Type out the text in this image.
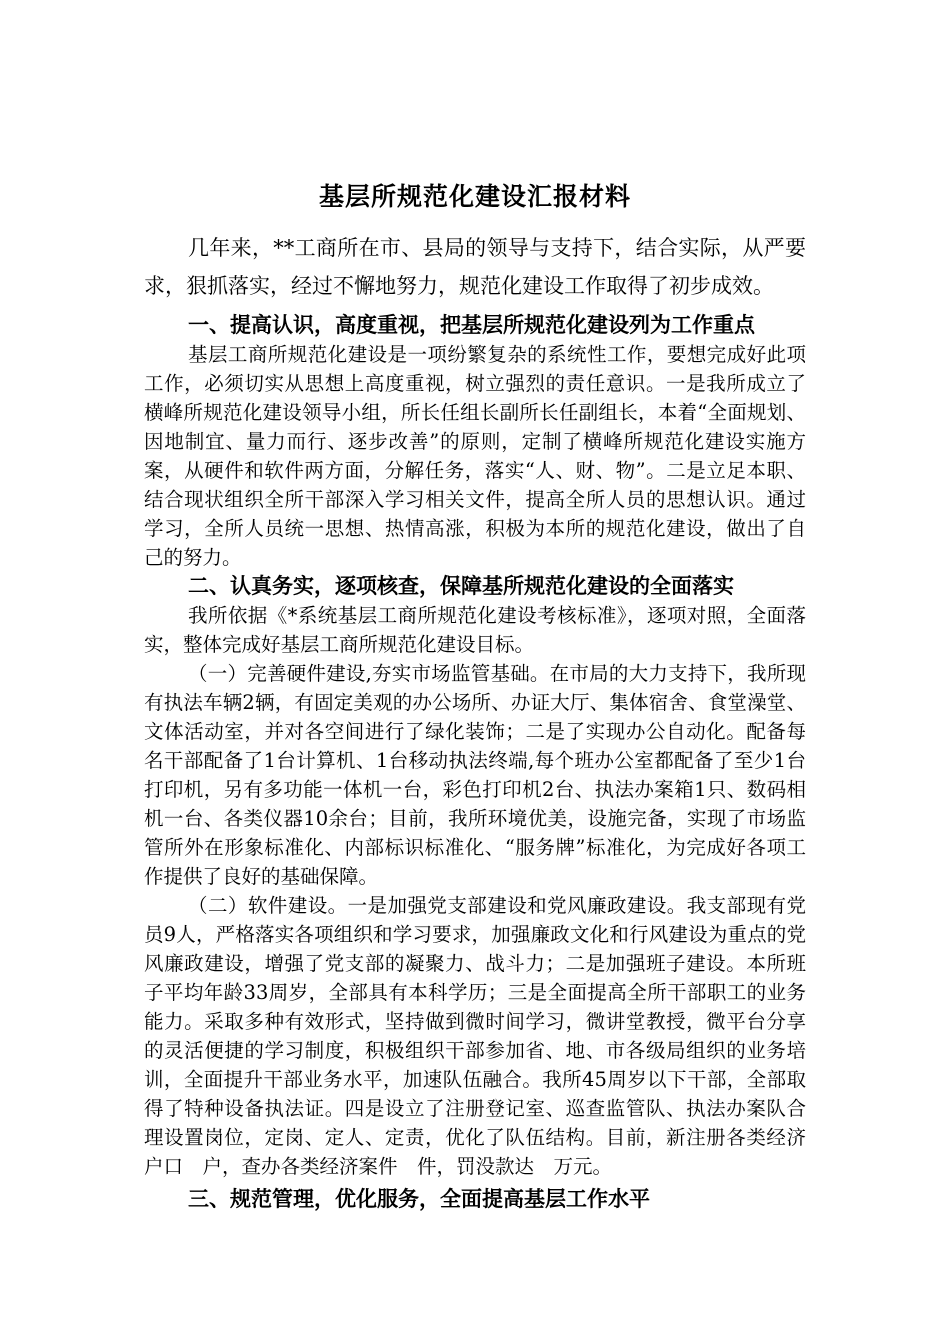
基层所规范化建设汇报材料

几年来，**工商所在市、县局的领导与支持下，结合实际，从严要求，狠抓落实，经过不懈地努力，规范化建设工作取得了初步成效。

一、提高认识，高度重视，把基层所规范化建设列为工作重点

基层工商所规范化建设是一项纷繁复杂的系统性工作，要想完成好此项工作，必须切实从思想上高度重视，树立强烈的责任意识。一是我所成立了横峰所规范化建设领导小组，所长任组长副所长任副组长，本着“全面规划、因地制宜、量力而行、逐步改善”的原则，定制了横峰所规范化建设实施方案，从硬件和软件两方面，分解任务，落实“人、财、物”。二是立足本职、结合现状组织全所干部深入学习相关文件，提高全所人员的思想认识。通过学习，全所人员统一思想、热情高涨，积极为本所的规范化建设，做出了自己的努力。

二、认真务实，逐项核查，保障基所规范化建设的全面落实

我所依据《*系统基层工商所规范化建设考核标准》，逐项对照，全面落实，整体完成好基层工商所规范化建设目标。

（一）完善硬件建设,夯实市场监管基础。在市局的大力支持下，我所现有执法车辆2辆，有固定美观的办公场所、办证大厅、集体宿舍、食堂澡堂、文体活动室，并对各空间进行了绿化装饰；二是了实现办公自动化。配备每名干部配备了1台计算机、1台移动执法终端,每个班办公室都配备了至少1台打印机，另有多功能一体机一台，彩色打印机2台、执法办案箱1只、数码相机一台、各类仪器10余台；目前，我所环境优美，设施完备，实现了市场监管所外在形象标准化、内部标识标准化、“服务牌”标准化，为完成好各项工作提供了良好的基础保障。

（二）软件建设。一是加强党支部建设和党风廉政建设。我支部现有党员9人，严格落实各项组织和学习要求，加强廉政文化和行风建设为重点的党风廉政建设，增强了党支部的凝聚力、战斗力；二是加强班子建设。本所班子平均年龄33周岁，全部具有本科学历；三是全面提高全所干部职工的业务能力。采取多种有效形式，坚持做到微时间学习，微讲堂教授，微平台分享的灵活便捷的学习制度，积极组织干部参加省、地、市各级局组织的业务培训，全面提升干部业务水平，加速队伍融合。我所45周岁以下干部，全部取得了特种设备执法证。四是设立了注册登记室、巡查监管队、执法办案队合理设置岗位，定岗、定人、定责，优化了队伍结构。目前，新注册各类经济户口　户，查办各类经济案件　件，罚没款达　万元。

三、规范管理，优化服务，全面提高基层工作水平
